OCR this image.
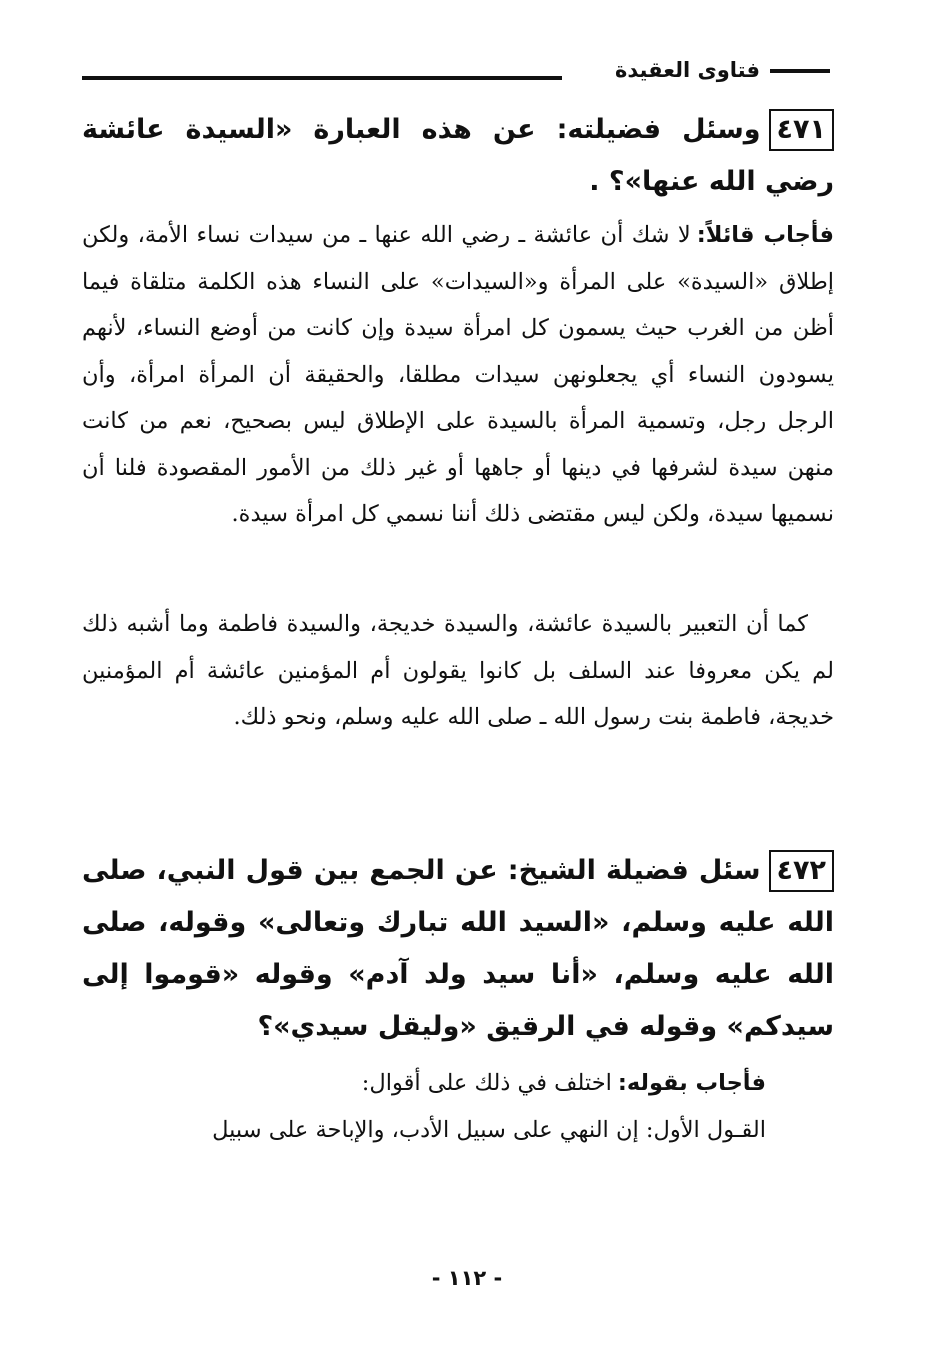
فتاوى العقيدة
٤٧١وسئل فضيلته: عن هذه العبارة «السيدة عائشة رضي الله عنها»؟ .
فأجاب قائلاً:لا شك أن عائشة ـ رضي الله عنها ـ من سيدات نساء الأمة، ولكن إطلاق «السيدة» على المرأة و«السيدات» على النساء هذه الكلمة متلقاة فيما أظن من الغرب حيث يسمون كل امرأة سيدة وإن كانت من أوضع النساء، لأنهم يسودون النساء أي يجعلونهن سيدات مطلقا، والحقيقة أن المرأة امرأة، وأن الرجل رجل، وتسمية المرأة بالسيدة على الإطلاق ليس بصحيح، نعم من كانت منهن سيدة لشرفها في دينها أو جاهها أو غير ذلك من الأمور المقصودة فلنا أن نسميها سيدة، ولكن ليس مقتضى ذلك أننا نسمي كل امرأة سيدة.
كما أن التعبير بالسيدة عائشة، والسيدة خديجة، والسيدة فاطمة وما أشبه ذلك لم يكن معروفا عند السلف بل كانوا يقولون أم المؤمنين عائشة أم المؤمنين خديجة، فاطمة بنت رسول الله ـ صلى الله عليه وسلم، ونحو ذلك.
٤٧٢سئل فضيلة الشيخ: عن الجمع بين قول النبي، صلى الله عليه وسلم، «السيد الله تبارك وتعالى» وقوله، صلى الله عليه وسلم، «أنا سيد ولد آدم» وقوله «قوموا إلى سيدكم» وقوله في الرقيق «وليقل سيدي»؟
فأجاب بقوله:اختلف في ذلك على أقوال:
القـول الأول: إن النهي على سبيل الأدب، والإباحة على سبيل
- ١١٢ -
